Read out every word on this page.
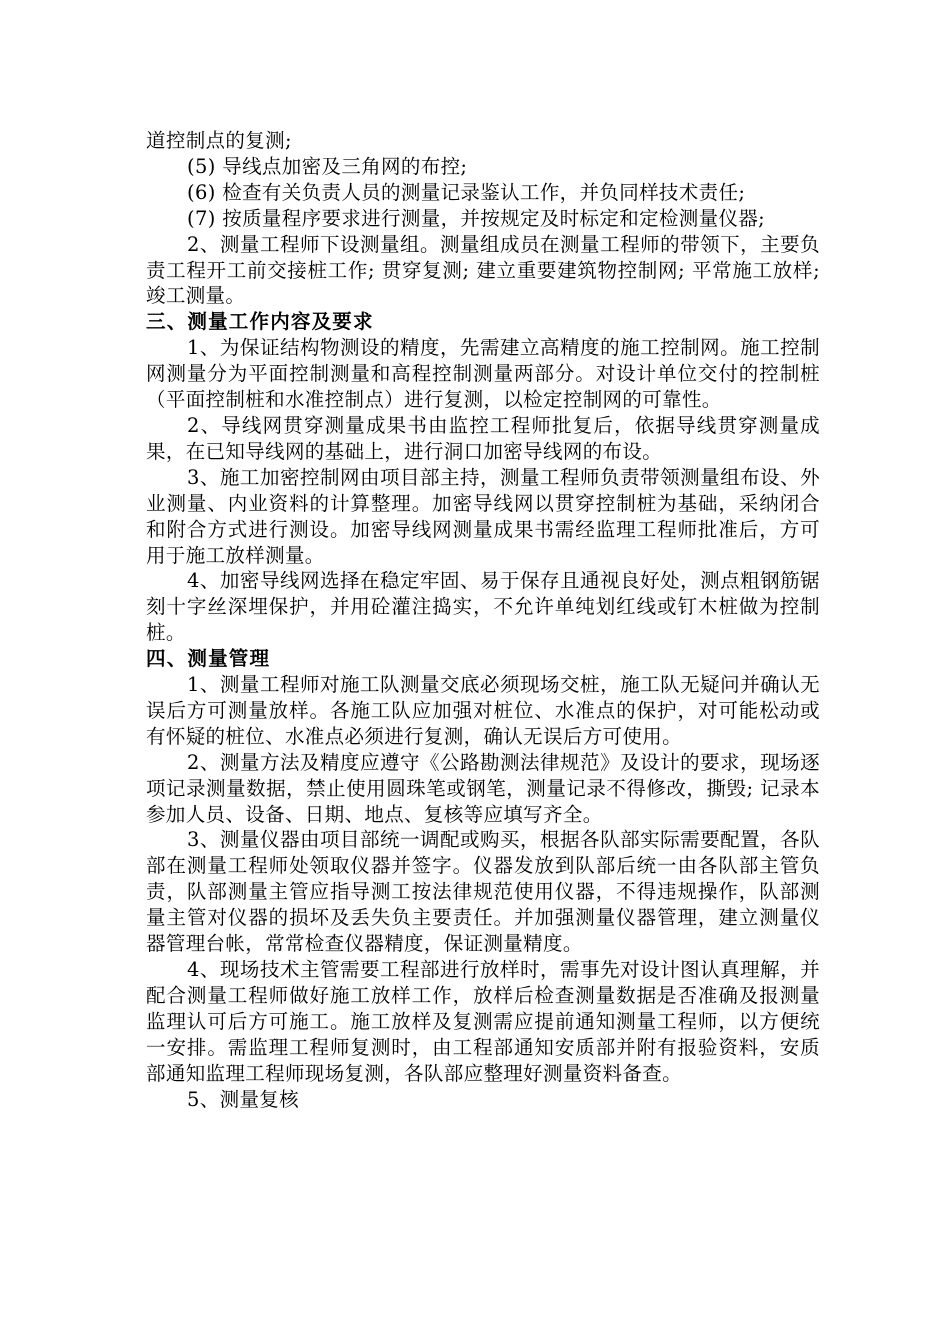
道控制点的复测;

(5) 导线点加密及三角网的布控;

(6) 检查有关负责人员的测量记录鉴认工作，并负同样技术责任;

(7) 按质量程序要求进行测量，并按规定及时标定和定检测量仪器;

2、测量工程师下设测量组。测量组成员在测量工程师的带领下，主要负责工程开工前交接桩工作; 贯穿复测; 建立重要建筑物控制网; 平常施工放样; 竣工测量。

三、测量工作内容及要求

1、为保证结构物测设的精度，先需建立高精度的施工控制网。施工控制网测量分为平面控制测量和高程控制测量两部分。对设计单位交付的控制桩（平面控制桩和水准控制点）进行复测，以检定控制网的可靠性。

2、导线网贯穿测量成果书由监控工程师批复后，依据导线贯穿测量成果，在已知导线网的基础上，进行洞口加密导线网的布设。

3、施工加密控制网由项目部主持，测量工程师负责带领测量组布设、外业测量、内业资料的计算整理。加密导线网以贯穿控制桩为基础，采纳闭合和附合方式进行测设。加密导线网测量成果书需经监理工程师批准后，方可用于施工放样测量。

4、加密导线网选择在稳定牢固、易于保存且通视良好处，测点粗钢筋锯刻十字丝深埋保护，并用砼灌注捣实，不允许单纯划红线或钉木桩做为控制桩。

四、测量管理

1、测量工程师对施工队测量交底必须现场交桩，施工队无疑问并确认无误后方可测量放样。各施工队应加强对桩位、水准点的保护，对可能松动或有怀疑的桩位、水准点必须进行复测，确认无误后方可使用。

2、测量方法及精度应遵守《公路勘测法律规范》及设计的要求，现场逐项记录测量数据，禁止使用圆珠笔或钢笔，测量记录不得修改，撕毁; 记录本参加人员、设备、日期、地点、复核等应填写齐全。

3、测量仪器由项目部统一调配或购买，根据各队部实际需要配置，各队部在测量工程师处领取仪器并签字。仪器发放到队部后统一由各队部主管负责，队部测量主管应指导测工按法律规范使用仪器，不得违规操作，队部测量主管对仪器的损坏及丢失负主要责任。并加强测量仪器管理，建立测量仪器管理台帐，常常检查仪器精度，保证测量精度。

4、现场技术主管需要工程部进行放样时，需事先对设计图认真理解，并配合测量工程师做好施工放样工作，放样后检查测量数据是否准确及报测量监理认可后方可施工。施工放样及复测需应提前通知测量工程师，以方便统一安排。需监理工程师复测时，由工程部通知安质部并附有报验资料，安质部通知监理工程师现场复测，各队部应整理好测量资料备查。

5、测量复核
